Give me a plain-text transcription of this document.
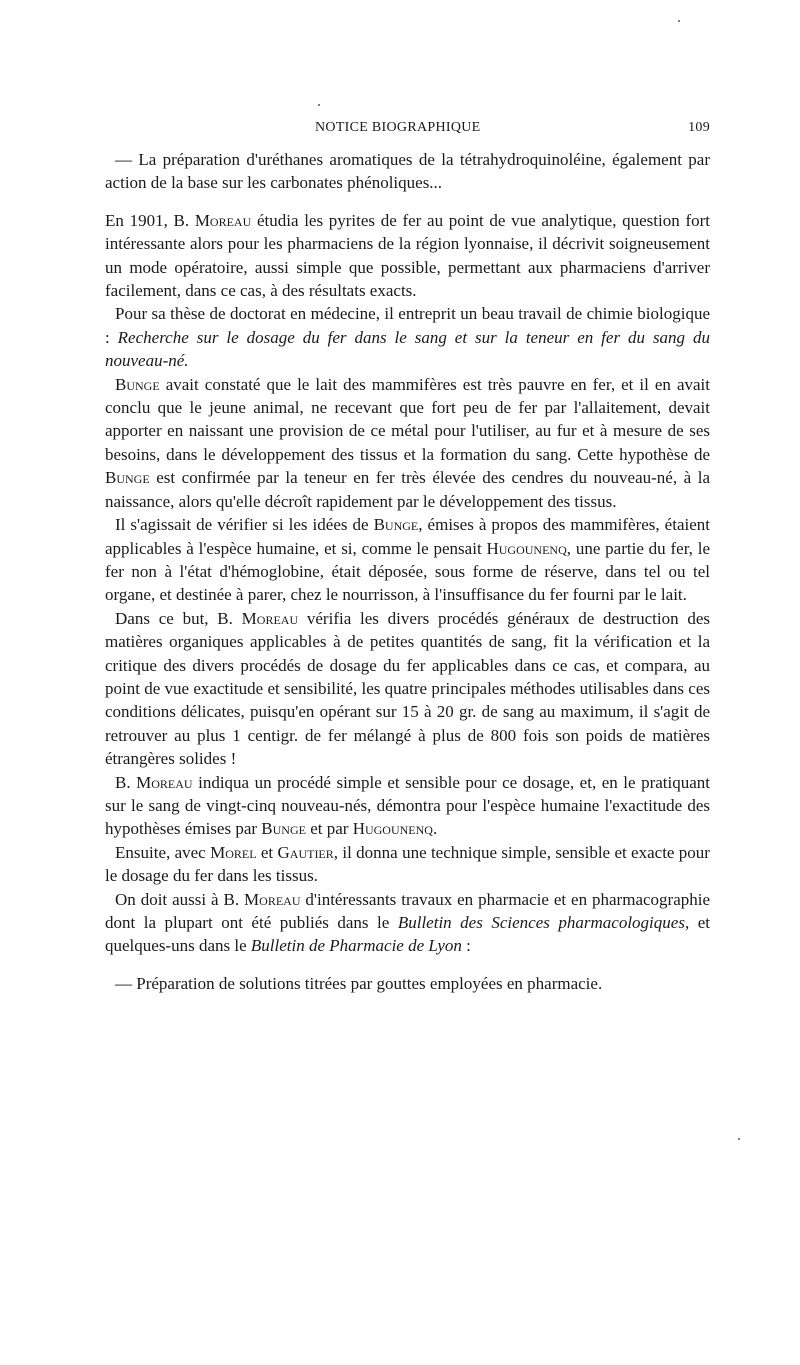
NOTICE BIOGRAPHIQUE	109

— La préparation d'uréthanes aromatiques de la tétrahydroquinoléine, également par action de la base sur les carbonates phénoliques...

En 1901, B. Moreau étudia les pyrites de fer au point de vue analytique, question fort intéressante alors pour les pharmaciens de la région lyonnaise, il décrivit soigneusement un mode opératoire, aussi simple que possible, permettant aux pharmaciens d'arriver facilement, dans ce cas, à des résultats exacts.

Pour sa thèse de doctorat en médecine, il entreprit un beau travail de chimie biologique : Recherche sur le dosage du fer dans le sang et sur la teneur en fer du sang du nouveau-né.

Bunge avait constaté que le lait des mammifères est très pauvre en fer, et il en avait conclu que le jeune animal, ne recevant que fort peu de fer par l'allaitement, devait apporter en naissant une provision de ce métal pour l'utiliser, au fur et à mesure de ses besoins, dans le développement des tissus et la formation du sang. Cette hypothèse de Bunge est confirmée par la teneur en fer très élevée des cendres du nouveau-né, à la naissance, alors qu'elle décroît rapidement par le développement des tissus.

Il s'agissait de vérifier si les idées de Bunge, émises à propos des mammifères, étaient applicables à l'espèce humaine, et si, comme le pensait Hugounenq, une partie du fer, le fer non à l'état d'hémoglobine, était déposée, sous forme de réserve, dans tel ou tel organe, et destinée à parer, chez le nourrisson, à l'insuffisance du fer fourni par le lait.

Dans ce but, B. Moreau vérifia les divers procédés généraux de destruction des matières organiques applicables à de petites quantités de sang, fit la vérification et la critique des divers procédés de dosage du fer applicables dans ce cas, et compara, au point de vue exactitude et sensibilité, les quatre principales méthodes utilisables dans ces conditions délicates, puisqu'en opérant sur 15 à 20 gr. de sang au maximum, il s'agit de retrouver au plus 1 centigr. de fer mélangé à plus de 800 fois son poids de matières étrangères solides !

B. Moreau indiqua un procédé simple et sensible pour ce dosage, et, en le pratiquant sur le sang de vingt-cinq nouveau-nés, démontra pour l'espèce humaine l'exactitude des hypothèses émises par Bunge et par Hugounenq.

Ensuite, avec Morel et Gautier, il donna une technique simple, sensible et exacte pour le dosage du fer dans les tissus.

On doit aussi à B. Moreau d'intéressants travaux en pharmacie et en pharmacographie dont la plupart ont été publiés dans le Bulletin des Sciences pharmacologiques, et quelques-uns dans le Bulletin de Pharmacie de Lyon :

— Préparation de solutions titrées par gouttes employées en pharmacie.
